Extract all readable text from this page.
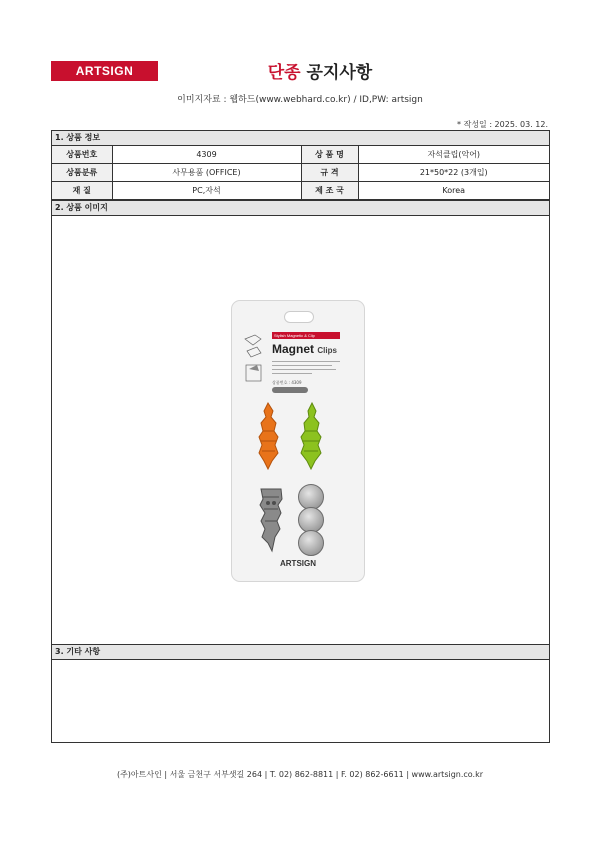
ARTSIGN	단종 공지사항
이미지자료 : 웹하드(www.webhard.co.kr) / ID,PW: artsign
* 작성일 : 2025. 03. 12.
1. 상품 정보
상품번호	4309	상 품 명	자석클립(악어)
상품분류	사무용품 (OFFICE)	규 격	21*50*22 (3개입)
재 질	PC,자석	제 조 국	Korea
2. 상품 이미지
Stylish Magnetic & Clip
Magnet Clips
상품번호 : 4309
ARTSIGN
3. 기타 사항
(주)아트사인 | 서울 금천구 서부샛길 264 | T. 02) 862-8811 | F. 02) 862-6611 | www.artsign.co.kr
